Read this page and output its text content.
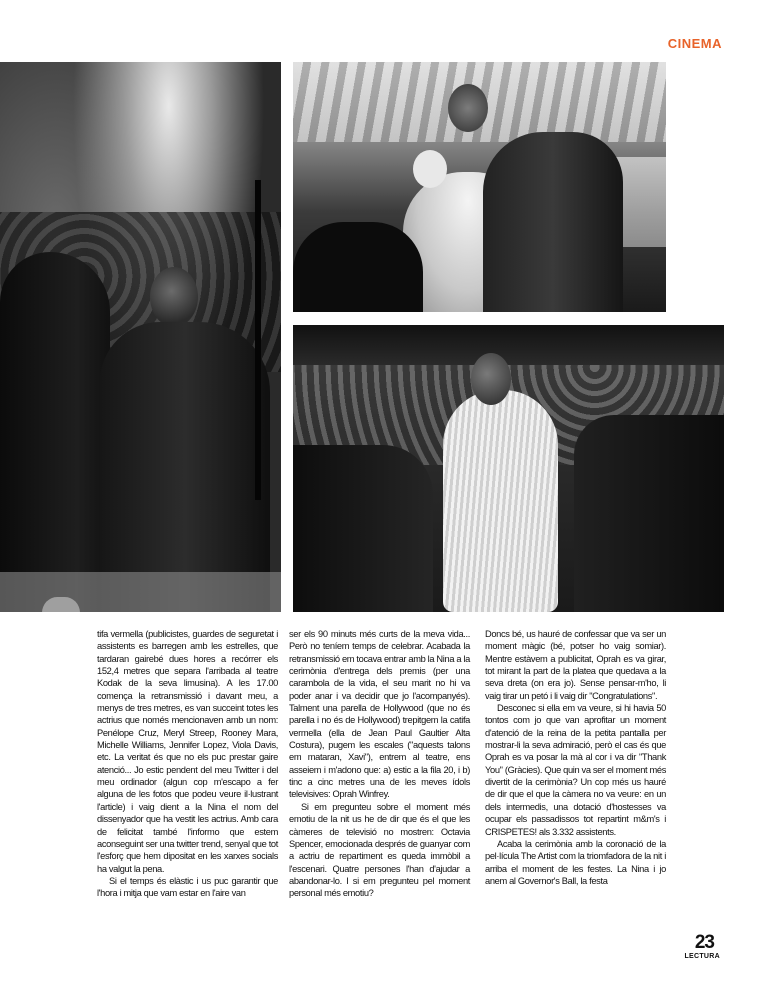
CINEMA

tifa vermella (publicistes, guardes de seguretat i assistents es barregen amb les estrelles, que tardaran gairebé dues hores a recórrer els 152,4 metres que separa l'arribada al teatre Kodak de la seva limusina). A les 17.00 comença la retransmissió i davant meu, a menys de tres metres, es van succeint totes les actrius que només mencionaven amb un nom: Penélope Cruz, Meryl Streep, Rooney Mara, Michelle Williams, Jennifer Lopez, Viola Davis, etc. La veritat és que no els puc prestar gaire atenció... Jo estic pendent del meu Twitter i del meu ordinador (algun cop m'escapo a fer alguna de les fotos que podeu veure il·lustrant l'article) i vaig dient a la Nina el nom del dissenyador que ha vestit les actrius. Amb cara de felicitat també l'informo que estem aconseguint ser una twitter trend, senyal que tot l'esforç que hem dipositat en les xarxes socials ha valgut la pena.

Si el temps és elàstic i us puc garantir que l'hora i mitja que vam estar en l'aire van

ser els 90 minuts més curts de la meva vida... Però no teníem temps de celebrar. Acabada la retransmissió em tocava entrar amb la Nina a la cerimònia d'entrega dels premis (per una carambola de la vida, el seu marit no hi va poder anar i va decidir que jo l'acompanyés). Talment una parella de Hollywood (que no és parella i no és de Hollywood) trepitgem la catifa vermella (ella de Jean Paul Gaultier Alta Costura), pugem les escales ("aquests talons em mataran, Xavi"), entrem al teatre, ens asseiem i m'adono que: a) estic a la fila 20, i b) tinc a cinc metres una de les meves ídols televisives: Oprah Winfrey.

Si em pregunteu sobre el moment més emotiu de la nit us he de dir que és el que les càmeres de televisió no mostren: Octavia Spencer, emocionada després de guanyar com a actriu de repartiment es queda immòbil a l'escenari. Quatre persones l'han d'ajudar a abandonar-lo. I si em pregunteu pel moment personal més emotiu?

Doncs bé, us hauré de confessar que va ser un moment màgic (bé, potser ho vaig somiar). Mentre estàvem a publicitat, Oprah es va girar, tot mirant la part de la platea que quedava a la seva dreta (on era jo). Sense pensar-m'ho, li vaig tirar un petó i li vaig dir "Congratulations".

Desconec si ella em va veure, si hi havia 50 tontos com jo que van aprofitar un moment d'atenció de la reina de la petita pantalla per mostrar-li la seva admiració, però el cas és que Oprah es va posar la mà al cor i va dir "Thank You" (Gràcies). Que quin va ser el moment més divertit de la cerimònia? Un cop més us hauré de dir que el que la càmera no va veure: en un dels intermedis, una dotació d'hostesses va ocupar els passadissos tot repartint m&m's i CRISPETES! als 3.332 assistents.

Acaba la cerimònia amb la coronació de la pel·lícula The Artist com la triomfadora de la nit i arriba el moment de les festes. La Nina i jo anem al Governor's Ball, la festa

23
LECTURA
